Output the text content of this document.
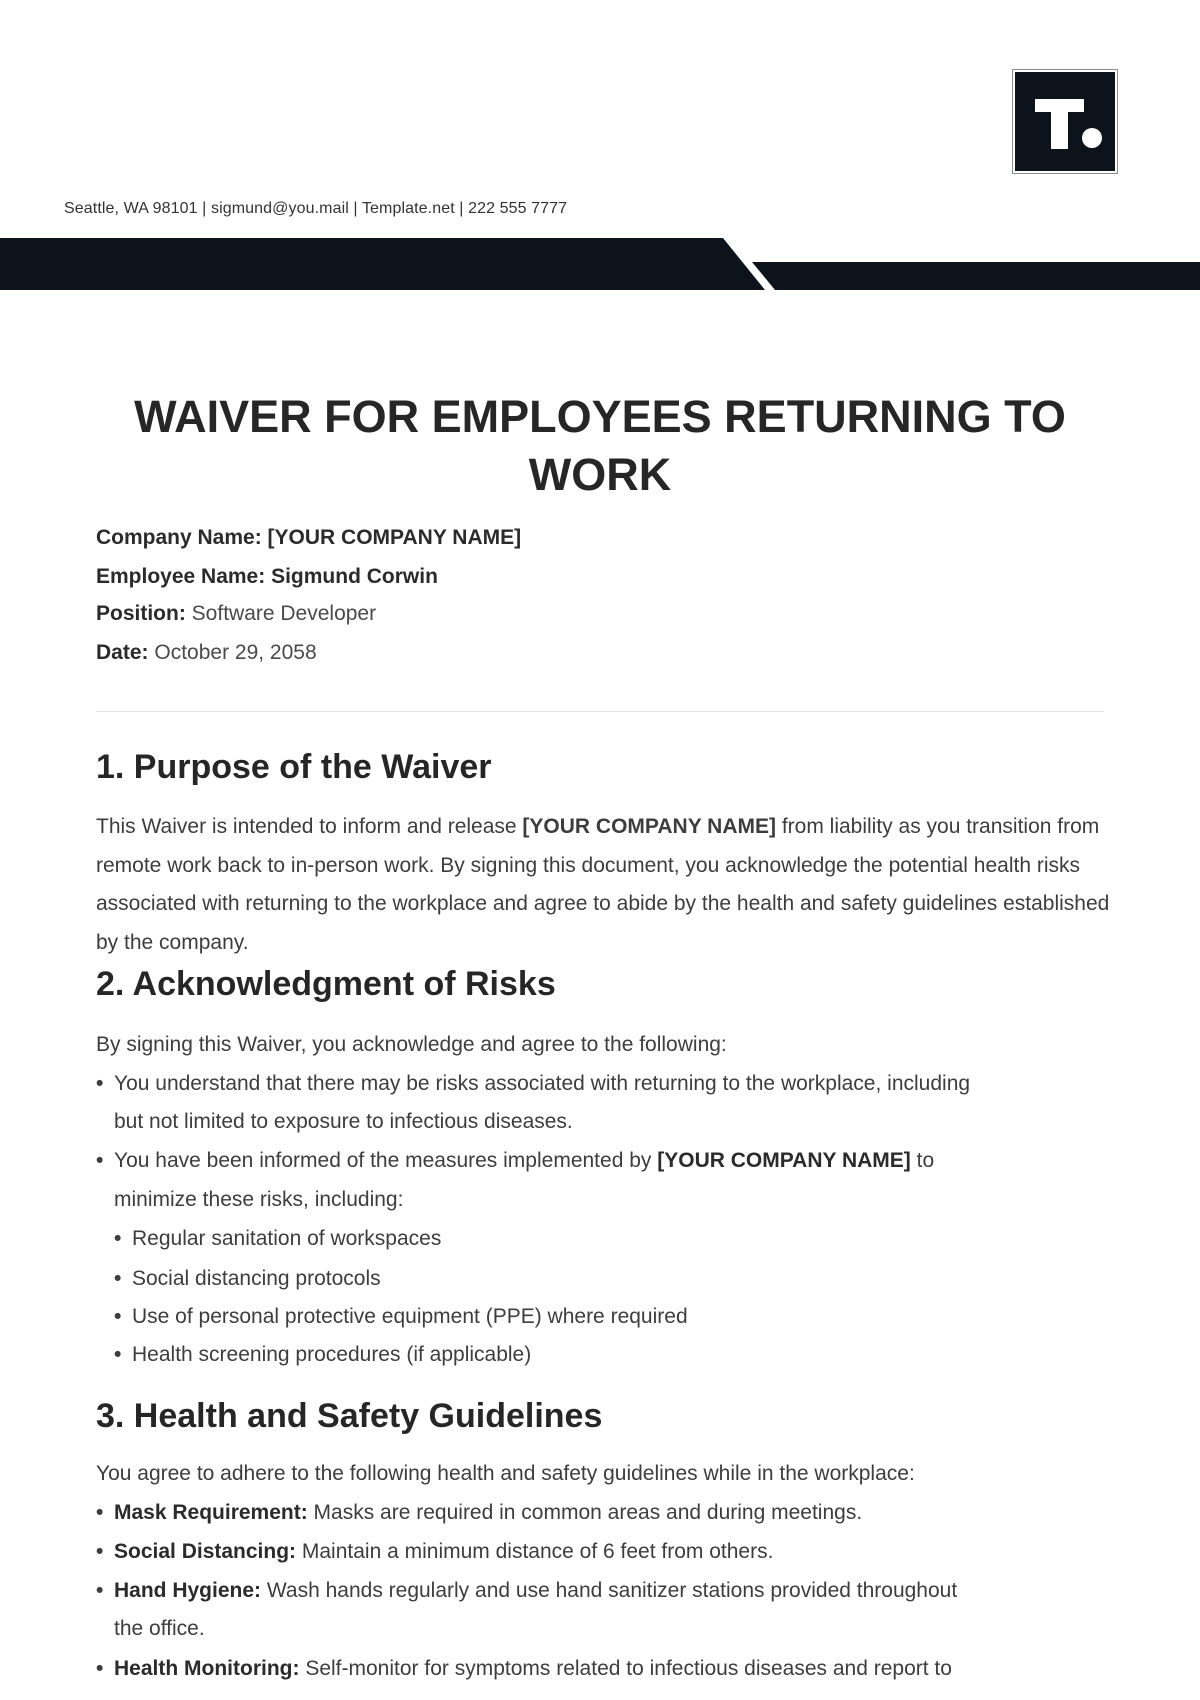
Seattle, WA 98101 | sigmund@you.mail | Template.net | 222 555 7777
WAIVER FOR EMPLOYEES RETURNING TO
WORK
Company Name: [YOUR COMPANY NAME]
Employee Name: Sigmund Corwin
Position: Software Developer
Date: October 29, 2058
1. Purpose of the Waiver
This Waiver is intended to inform and release [YOUR COMPANY NAME] from liability as you transition from remote work back to in-person work. By signing this document, you acknowledge the potential health risks associated with returning to the workplace and agree to abide by the health and safety guidelines established by the company.
2. Acknowledgment of Risks
By signing this Waiver, you acknowledge and agree to the following:
• You understand that there may be risks associated with returning to the workplace, including
but not limited to exposure to infectious diseases.
• You have been informed of the measures implemented by [YOUR COMPANY NAME] to
minimize these risks, including:
• Regular sanitation of workspaces
• Social distancing protocols
• Use of personal protective equipment (PPE) where required
• Health screening procedures (if applicable)
3. Health and Safety Guidelines
You agree to adhere to the following health and safety guidelines while in the workplace:
• Mask Requirement: Masks are required in common areas and during meetings.
• Social Distancing: Maintain a minimum distance of 6 feet from others.
• Hand Hygiene: Wash hands regularly and use hand sanitizer stations provided throughout
the office.
• Health Monitoring: Self-monitor for symptoms related to infectious diseases and report to
